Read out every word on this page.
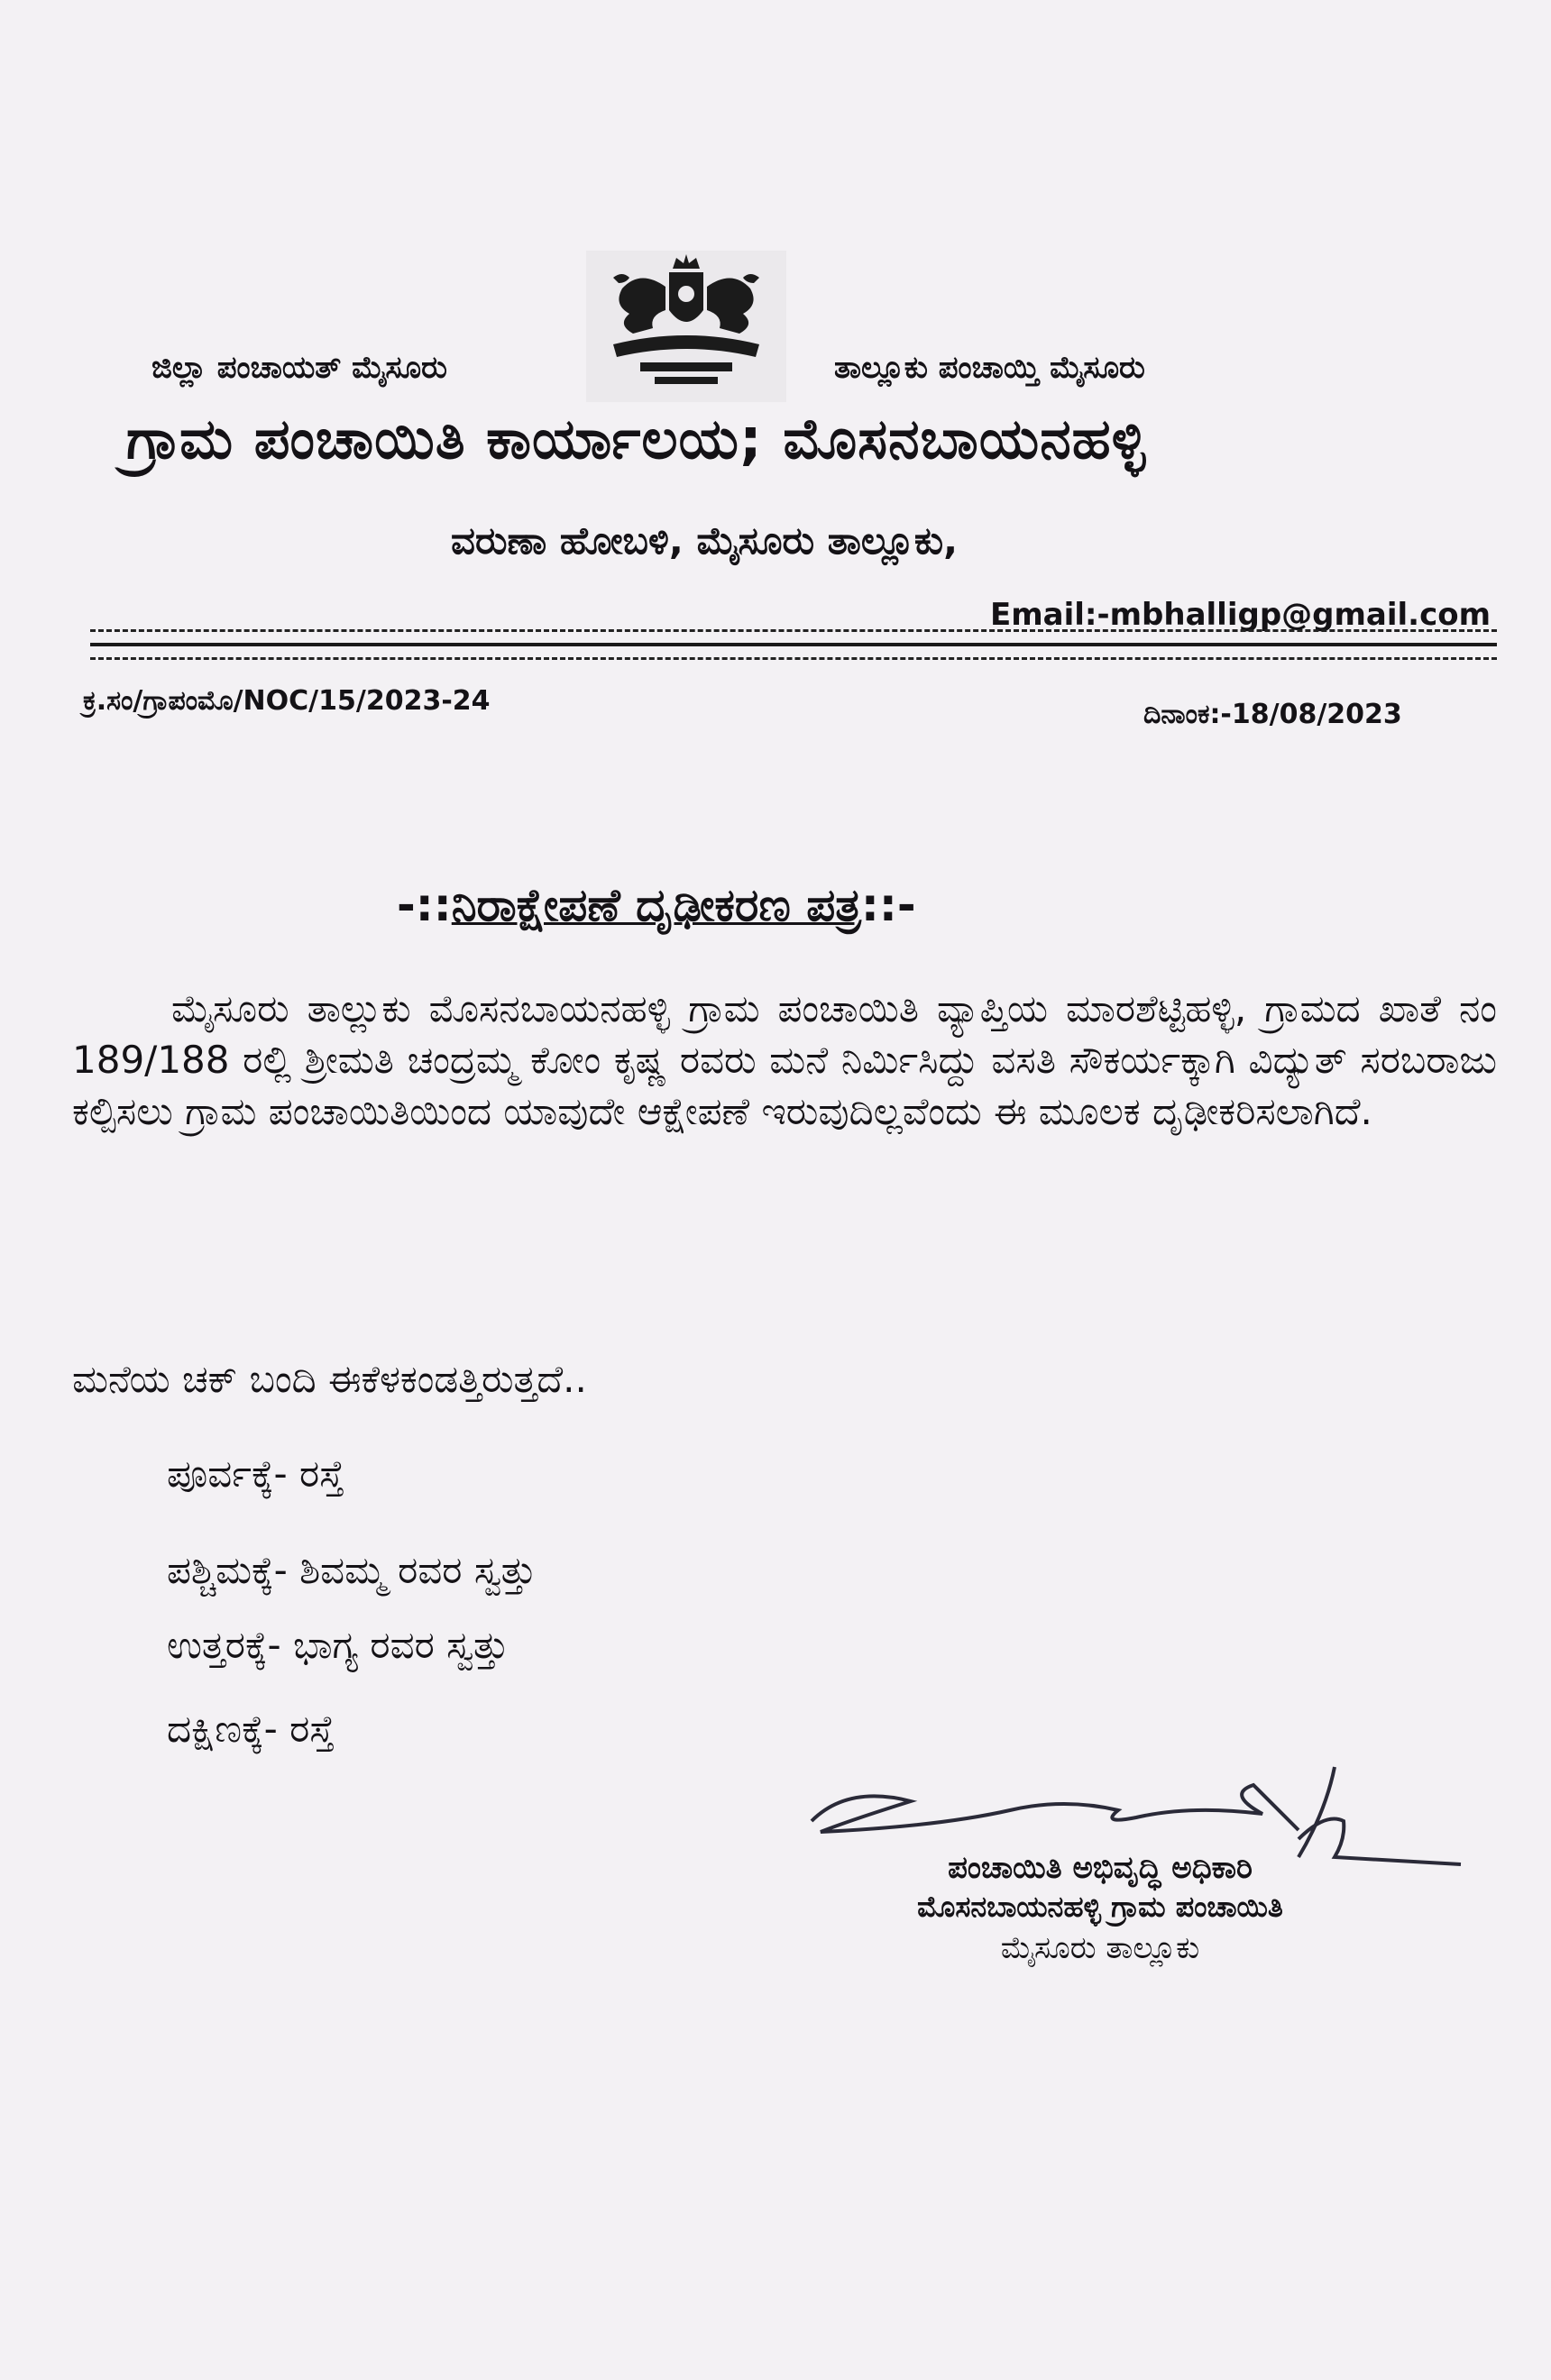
ಜಿಲ್ಲಾ ಪಂಚಾಯತ್ ಮೈಸೂರು	ತಾಲ್ಲೂಕು ಪಂಚಾಯ್ತಿ ಮೈಸೂರು
ಗ್ರಾಮ ಪಂಚಾಯಿತಿ ಕಾರ್ಯಾಲಯ; ಮೊಸನಬಾಯನಹಳ್ಳಿ
ವರುಣಾ ಹೋಬಳಿ, ಮೈಸೂರು ತಾಲ್ಲೂಕು,
Email:-mbhalligp@gmail.com
ಕ್ರ.ಸಂ/ಗ್ರಾಪಂಮೊ/NOC/15/2023-24	ದಿನಾಂಕ:-18/08/2023
-::ನಿರಾಕ್ಷೇಪಣೆ ದೃಢೀಕರಣ ಪತ್ರ::-
ಮೈಸೂರು ತಾಲ್ಲುಕು ಮೊಸನಬಾಯನಹಳ್ಳಿ ಗ್ರಾಮ ಪಂಚಾಯಿತಿ ವ್ಯಾಪ್ತಿಯ ಮಾರಶೆಟ್ಟಿಹಳ್ಳಿ, ಗ್ರಾಮದ ಖಾತೆ ನಂ 189/188 ರಲ್ಲಿ ಶ್ರೀಮತಿ ಚಂದ್ರಮ್ಮ ಕೋಂ ಕೃಷ್ಣ ರವರು ಮನೆ ನಿರ್ಮಿಸಿದ್ದು ವಸತಿ ಸೌಕರ್ಯಕ್ಕಾಗಿ ವಿದ್ಯುತ್ ಸರಬರಾಜು ಕಲ್ಪಿಸಲು ಗ್ರಾಮ ಪಂಚಾಯಿತಿಯಿಂದ ಯಾವುದೇ ಆಕ್ಷೇಪಣೆ ಇರುವುದಿಲ್ಲವೆಂದು ಈ ಮೂಲಕ ದೃಢೀಕರಿಸಲಾಗಿದೆ.
ಮನೆಯ ಚಕ್ ಬಂದಿ ಈಕೆಳಕಂಡತ್ತಿರುತ್ತದೆ..
ಪೂರ್ವಕ್ಕೆ- ರಸ್ತೆ
ಪಶ್ಚಿಮಕ್ಕೆ- ಶಿವಮ್ಮ ರವರ ಸ್ವತ್ತು
ಉತ್ತರಕ್ಕೆ- ಭಾಗ್ಯ ರವರ ಸ್ವತ್ತು
ದಕ್ಷಿಣಕ್ಕೆ- ರಸ್ತೆ
ಪಂಚಾಯಿತಿ ಅಭಿವೃದ್ಧಿ ಅಧಿಕಾರಿ
ಮೊಸನಬಾಯನಹಳ್ಳಿ ಗ್ರಾಮ ಪಂಚಾಯಿತಿ
ಮೈಸೂರು ತಾಲ್ಲೂಕು
